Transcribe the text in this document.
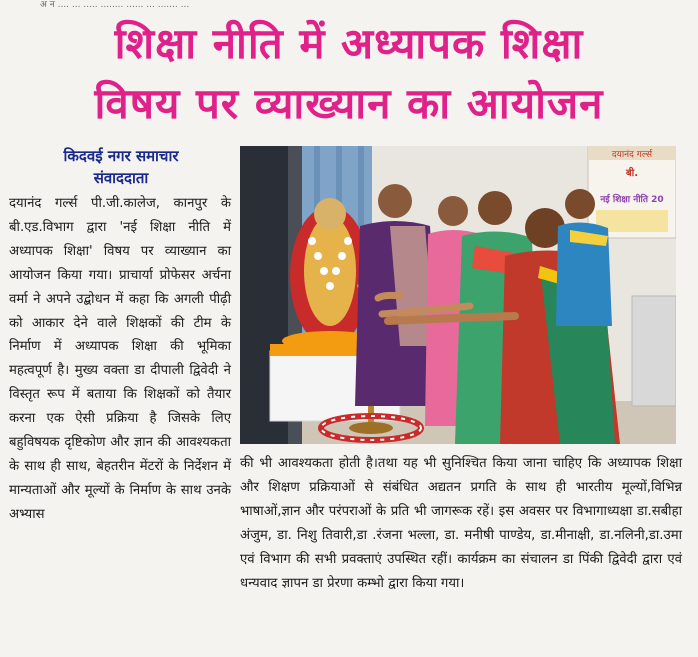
अ न .... ... ..... ........ ...... ... ....... ...
शिक्षा नीति में अध्यापक शिक्षा
विषय पर व्याख्यान का आयोजन
किदवई नगर समाचार
संवाददाता

दयानंद गर्ल्स पी.जी.कालेज, कानपुर के बी.एड.विभाग द्वारा 'नई शिक्षा नीति में अध्यापक शिक्षा' विषय पर व्याख्यान का आयोजन किया गया। प्राचार्या प्रोफेसर अर्चना वर्मा ने अपने उद्बोधन में कहा कि अगली पीढ़ी को आकार देने वाले शिक्षकों की टीम के निर्माण में अध्यापक शिक्षा की भूमिका महत्वपूर्ण है। मुख्य वक्ता डा दीपाली द्विवेदी ने विस्तृत रूप में बताया कि शिक्षकों को तैयार करना एक ऐसी प्रक्रिया है जिसके लिए बहुविषयक दृष्टिकोण और ज्ञान की आवश्यकता के साथ ही साथ, बेहतरीन मेंटरों के निर्देशन में मान्यताओं और मूल्यों के निर्माण के साथ उनके अभ्यास

दयानंद गर्ल्स
बी.
नई शिक्षा नीति 20

की भी आवश्यकता होती है।तथा यह भी सुनिश्चित किया जाना चाहिए कि अध्यापक शिक्षा और शिक्षण प्रक्रियाओं से संबंधित अद्यतन प्रगति के साथ ही भारतीय मूल्यों,विभिन्न भाषाओं,ज्ञान और परंपराओं के प्रति भी जागरूक रहें। इस अवसर पर विभागाध्यक्षा डा.सबीहा अंजुम, डा. निशु तिवारी,डा .रंजना भल्ला, डा. मनीषी पाण्डेय, डा.मीनाक्षी, डा.नलिनी,डा.उमा एवं विभाग की सभी प्रवक्ताएं उपस्थित रहीं। कार्यक्रम का संचालन डा पिंकी द्विवेदी द्वारा एवं धन्यवाद ज्ञापन डा प्रेरणा कम्भो द्वारा किया गया।
